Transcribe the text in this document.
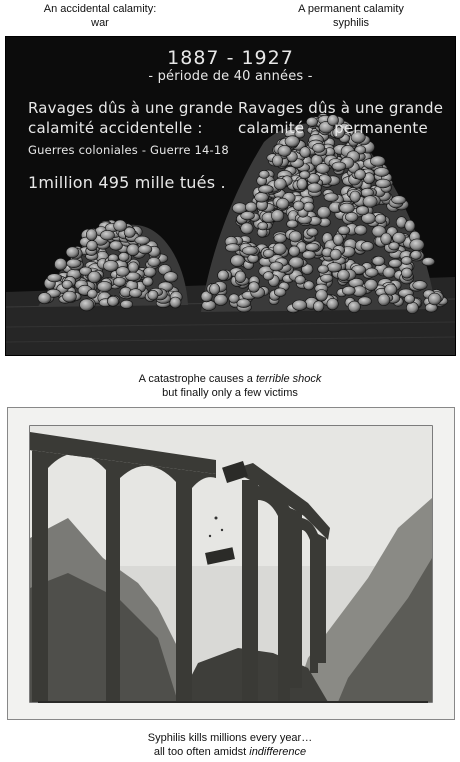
An accidental calamity:
war
A permanent calamity
syphilis
1887 - 1927
- période de 40 années -
Ravages dûs à une grande
calamité accidentelle :
Guerres coloniales - Guerre 14-18
1million 495 mille tués .
Ravages dûs à une grande
calamité      permanente
A catastrophe causes a terrible shock
but finally only a few victims
Syphilis kills millions every year…
all too often amidst indifference
